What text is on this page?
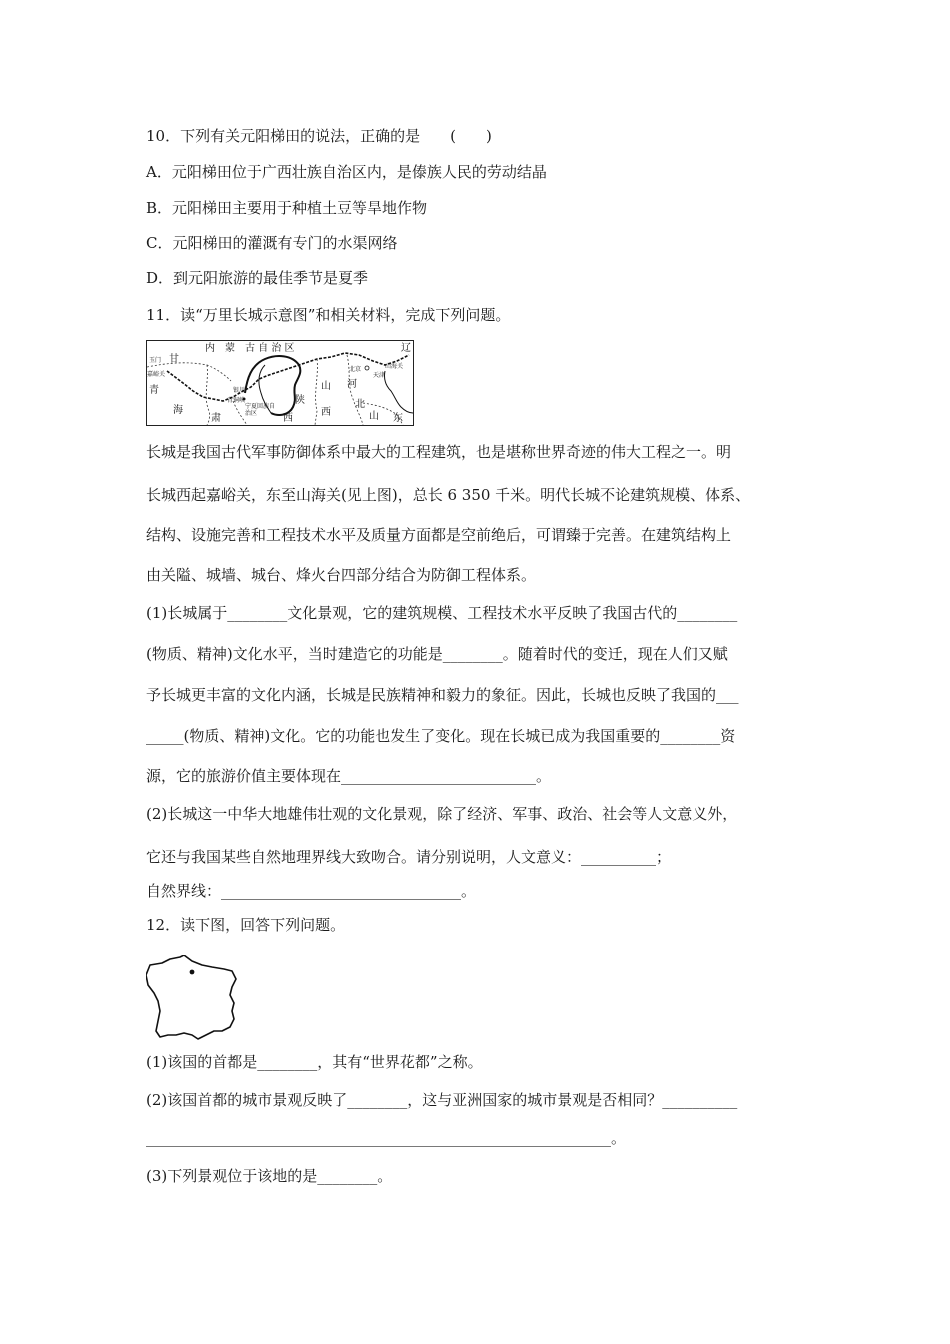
10．下列有关元阳梯田的说法，正确的是　　(　　)
A．元阳梯田位于广西壮族自治区内，是傣族人民的劳动结晶
B．元阳梯田主要用于种植土豆等旱地作物
C．元阳梯田的灌溉有专门的水渠网络
D．到元阳旅游的最佳季节是夏季
11．读“万里长城示意图”和相关材料，完成下列问题。
内　蒙　古 自 治 区	辽
玉门 甘
嘉峪关
青
海
银川
青铜峡
宁夏回族自治区
肃
山
西
陕
西
河
北
北京
天津
山海关
山 东
长城是我国古代军事防御体系中最大的工程建筑，也是堪称世界奇迹的伟大工程之一。明
长城西起嘉峪关，东至山海关(见上图)，总长 6 350 千米。明代长城不论建筑规模、体系、
结构、设施完善和工程技术水平及质量方面都是空前绝后，可谓臻于完善。在建筑结构上
由关隘、城墙、城台、烽火台四部分结合为防御工程体系。
(1)长城属于________文化景观，它的建筑规模、工程技术水平反映了我国古代的________
(物质、精神)文化水平，当时建造它的功能是________。随着时代的变迁，现在人们又赋
予长城更丰富的文化内涵，长城是民族精神和毅力的象征。因此，长城也反映了我国的___
_____(物质、精神)文化。它的功能也发生了变化。现在长城已成为我国重要的________资
源，它的旅游价值主要体现在__________________________。
(2)长城这一中华大地雄伟壮观的文化景观，除了经济、军事、政治、社会等人文意义外，
它还与我国某些自然地理界线大致吻合。请分别说明，人文意义：__________；
自然界线：________________________________。
12．读下图，回答下列问题。
(1)该国的首都是________，其有“世界花都”之称。
(2)该国首都的城市景观反映了________，这与亚洲国家的城市景观是否相同？__________
______________________________________________________________。
(3)下列景观位于该地的是________。
